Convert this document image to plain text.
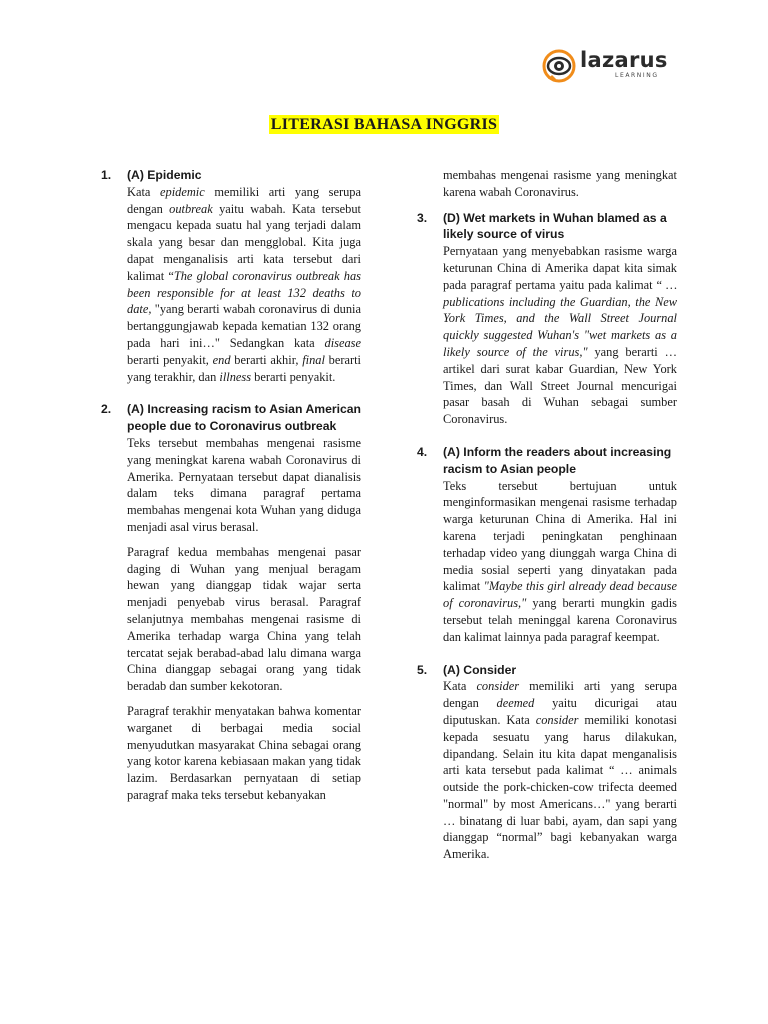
lazarus
LEARNING
LITERASI BAHASA INGGRIS
1. (A) Epidemic

Kata epidemic memiliki arti yang serupa dengan outbreak yaitu wabah. Kata tersebut mengacu kepada suatu hal yang terjadi dalam skala yang besar dan mengglobal. Kita juga dapat menganalisis arti kata tersebut dari kalimat “The global coronavirus outbreak has been responsible for at least 132 deaths to date, "yang berarti wabah coronavirus di dunia bertanggungjawab kepada kematian 132 orang pada hari ini…" Sedangkan kata disease berarti penyakit, end berarti akhir, final berarti yang terakhir, dan illness berarti penyakit.

2. (A) Increasing racism to Asian American people due to Coronavirus outbreak

Teks tersebut membahas mengenai rasisme yang meningkat karena wabah Coronavirus di Amerika. Pernyataan tersebut dapat dianalisis dalam teks dimana paragraf pertama membahas mengenai kota Wuhan yang diduga menjadi asal virus berasal.

Paragraf kedua membahas mengenai pasar daging di Wuhan yang menjual beragam hewan yang dianggap tidak wajar serta menjadi penyebab virus berasal. Paragraf selanjutnya membahas mengenai rasisme di Amerika terhadap warga China yang telah tercatat sejak berabad-abad lalu dimana warga China dianggap sebagai orang yang tidak beradab dan sumber kekotoran.

Paragraf terakhir menyatakan bahwa komentar warganet di berbagai media social menyudutkan masyarakat China sebagai orang yang kotor karena kebiasaan makan yang tidak lazim. Berdasarkan pernyataan di setiap paragraf maka teks tersebut kebanyakan

membahas mengenai rasisme yang meningkat karena wabah Coronavirus.

3. (D) Wet markets in Wuhan blamed as a likely source of virus

Pernyataan yang menyebabkan rasisme warga keturunan China di Amerika dapat kita simak pada paragraf pertama yaitu pada kalimat “ … publications including the Guardian, the New York Times, and the Wall Street Journal quickly suggested Wuhan's "wet markets as a likely source of the virus," yang berarti … artikel dari surat kabar Guardian, New York Times, dan Wall Street Journal mencurigai pasar basah di Wuhan sebagai sumber Coronavirus.

4. (A) Inform the readers about increasing racism to Asian people

Teks tersebut bertujuan untuk menginformasikan mengenai rasisme terhadap warga keturunan China di Amerika. Hal ini karena terjadi peningkatan penghinaan terhadap video yang diunggah warga China di media sosial seperti yang dinyatakan pada kalimat "Maybe this girl already dead because of coronavirus," yang berarti mungkin gadis tersebut telah meninggal karena Coronavirus dan kalimat lainnya pada paragraf keempat.

5. (A) Consider

Kata consider memiliki arti yang serupa dengan deemed yaitu dicurigai atau diputuskan. Kata consider memiliki konotasi kepada sesuatu yang harus dilakukan, dipandang. Selain itu kita dapat menganalisis arti kata tersebut pada kalimat “ … animals outside the pork-chicken-cow trifecta deemed "normal" by most Americans…" yang berarti … binatang di luar babi, ayam, dan sapi yang dianggap “normal” bagi kebanyakan warga Amerika.
